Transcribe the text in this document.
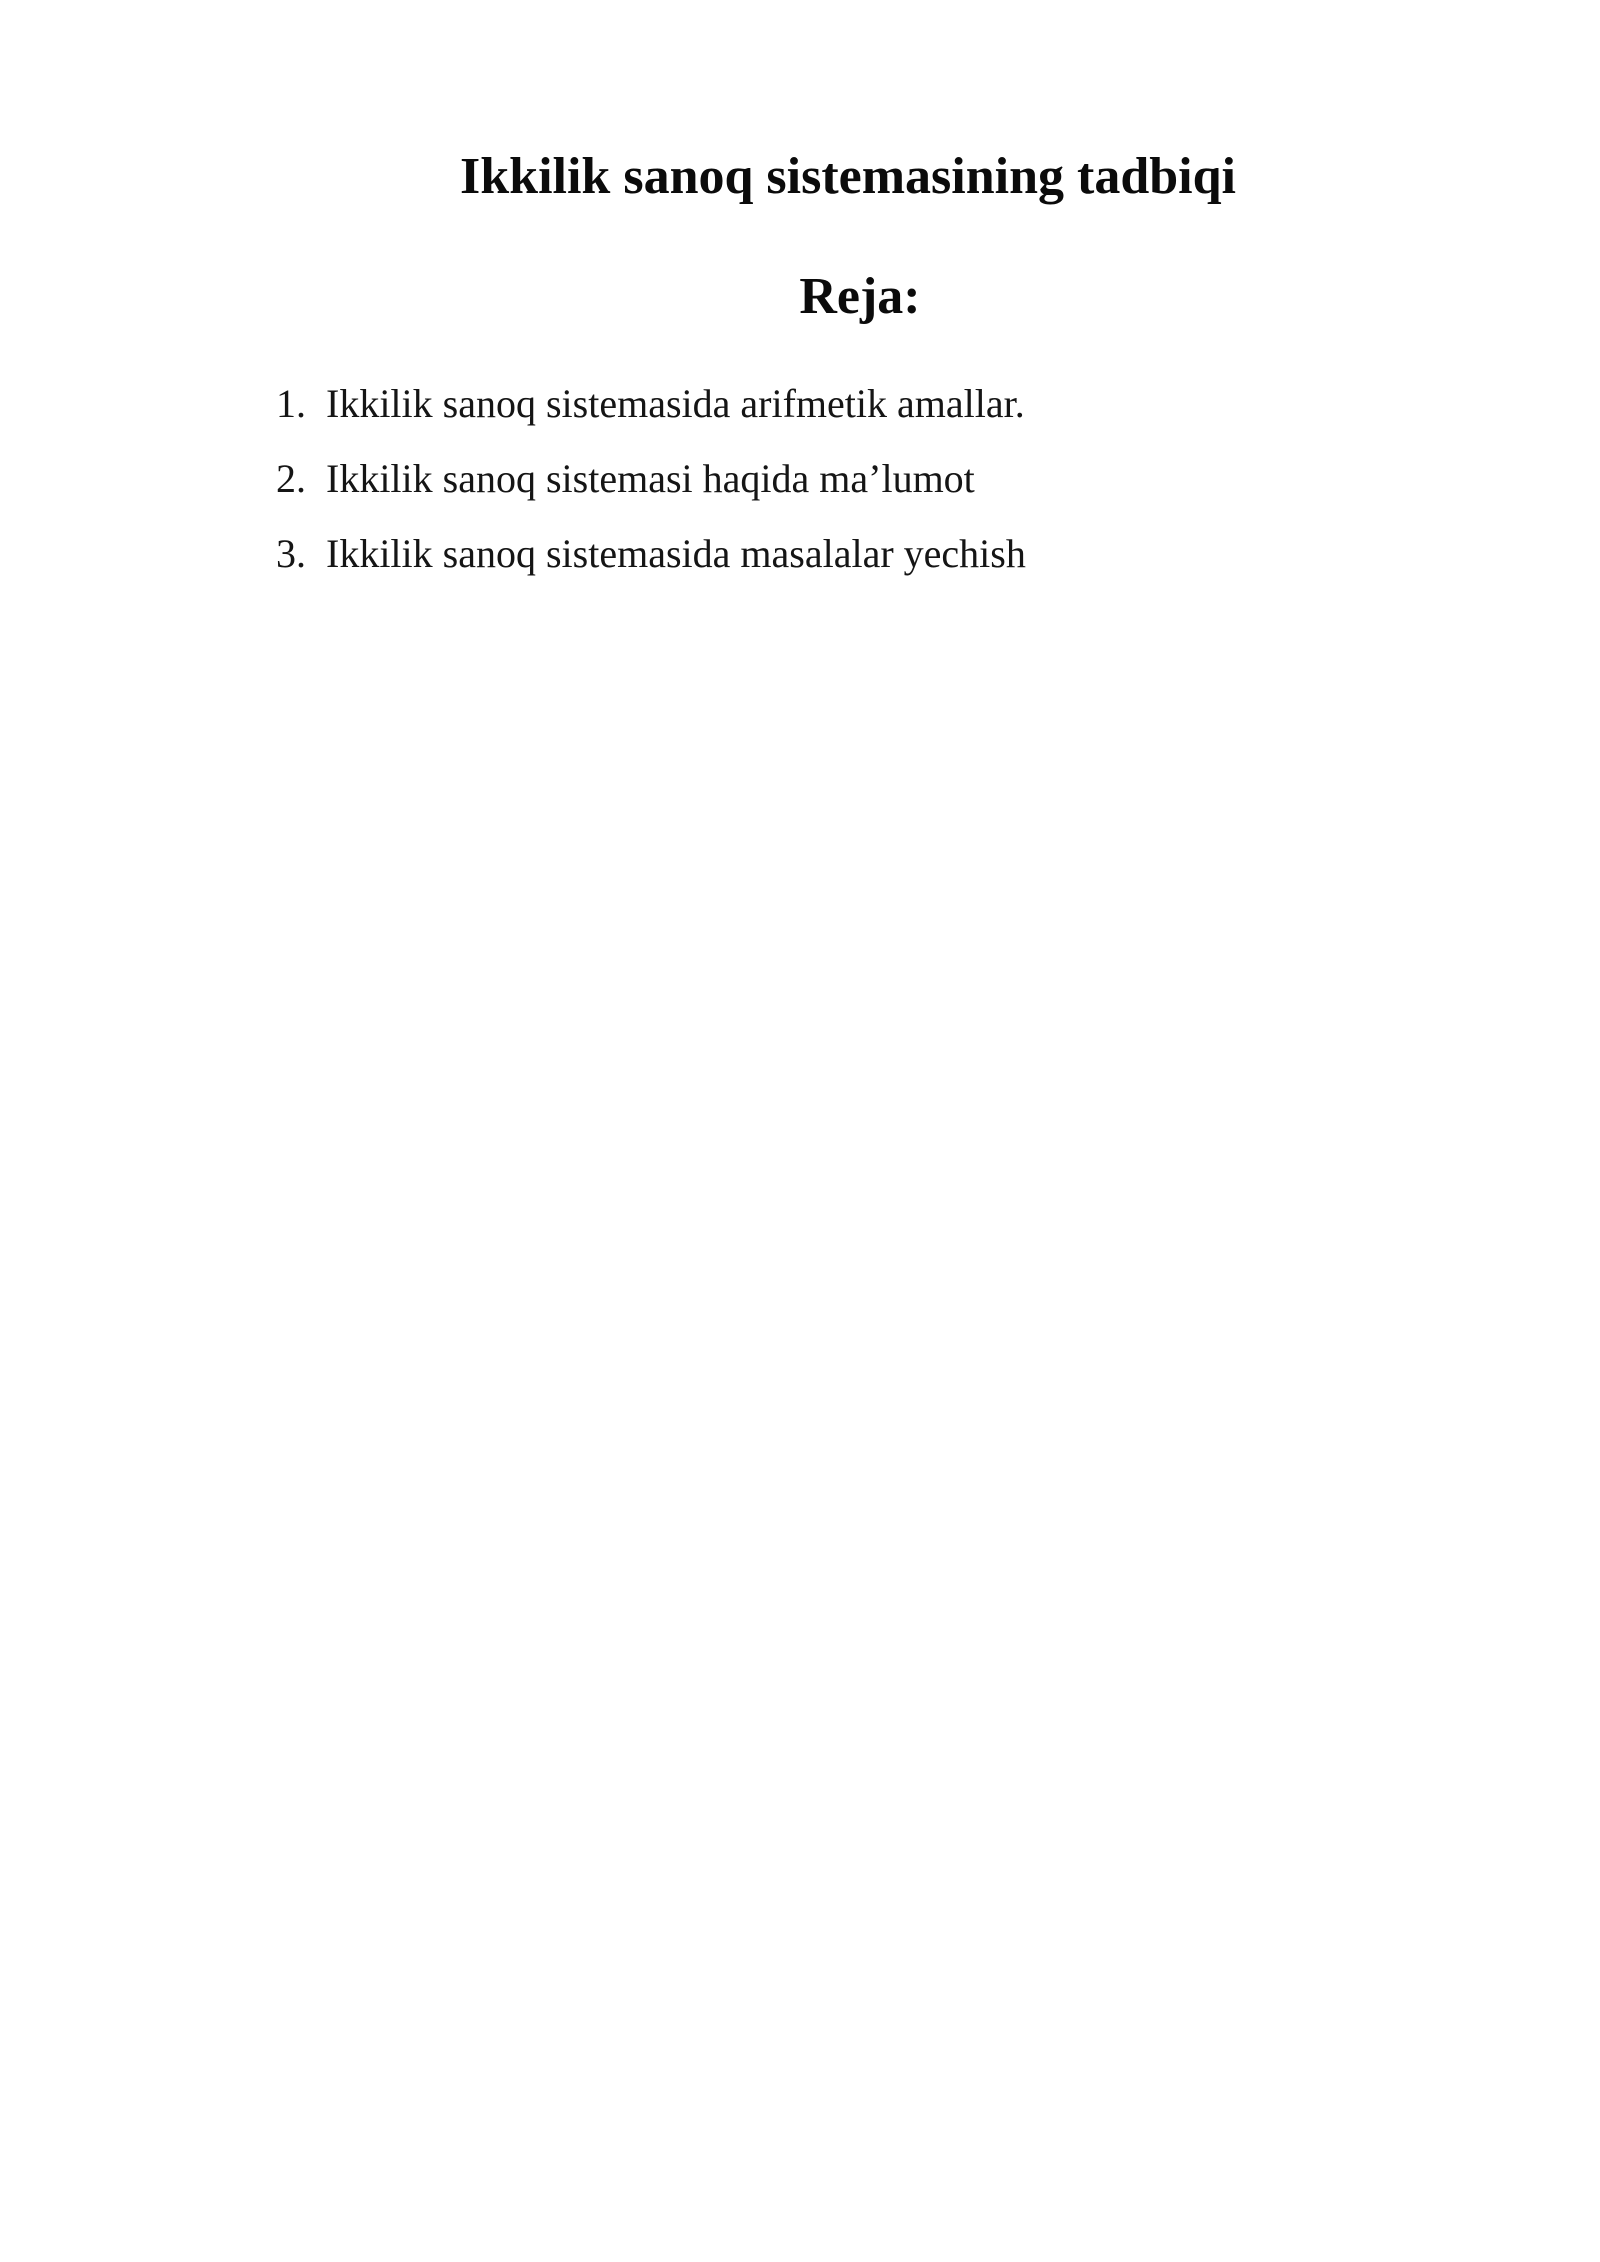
Ikkilik sanoq sistemasining tadbiqi
Reja:
1. Ikkilik sanoq sistemasida arifmetik amallar.
2. Ikkilik sanoq sistemasi haqida ma’lumot
3. Ikkilik sanoq sistemasida masalalar yechish
